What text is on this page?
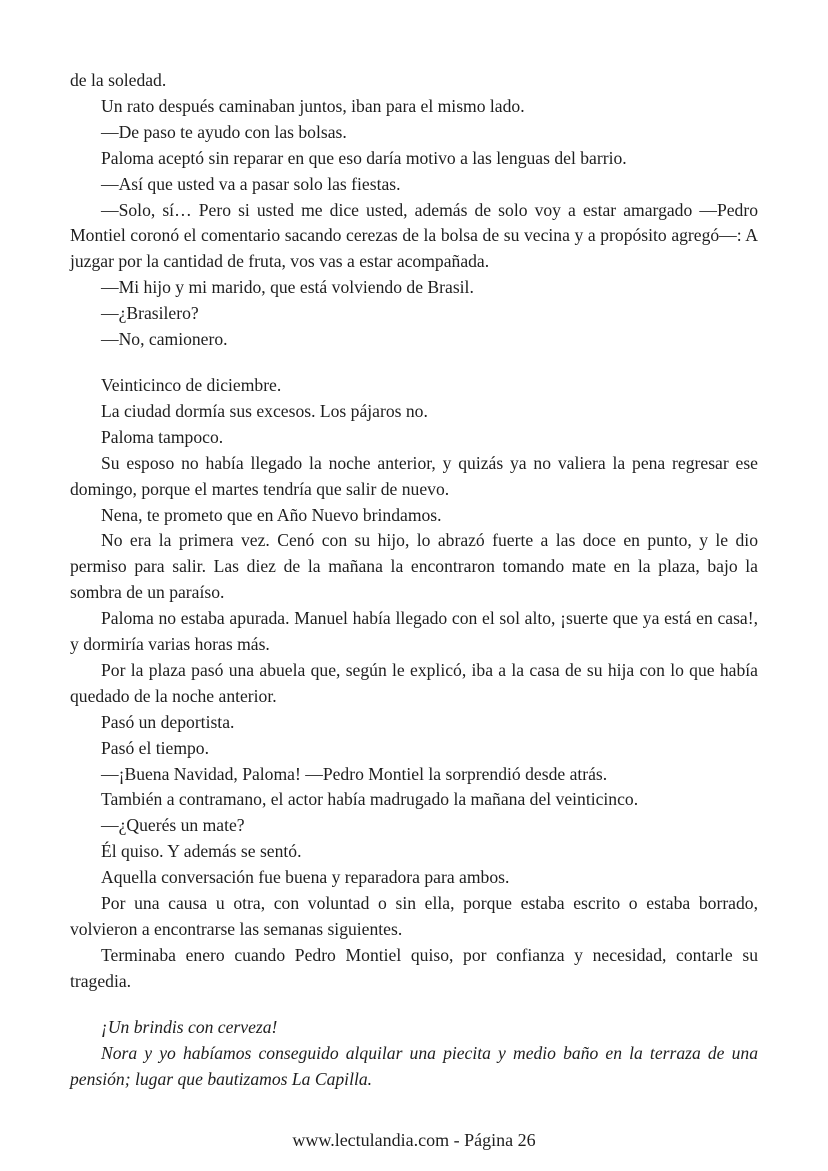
de la soledad.

Un rato después caminaban juntos, iban para el mismo lado.

—De paso te ayudo con las bolsas.

Paloma aceptó sin reparar en que eso daría motivo a las lenguas del barrio.

—Así que usted va a pasar solo las fiestas.

—Solo, sí… Pero si usted me dice usted, además de solo voy a estar amargado —Pedro Montiel coronó el comentario sacando cerezas de la bolsa de su vecina y a propósito agregó—: A juzgar por la cantidad de fruta, vos vas a estar acompañada.

—Mi hijo y mi marido, que está volviendo de Brasil.

—¿Brasilero?

—No, camionero.

Veinticinco de diciembre.

La ciudad dormía sus excesos. Los pájaros no.

Paloma tampoco.

Su esposo no había llegado la noche anterior, y quizás ya no valiera la pena regresar ese domingo, porque el martes tendría que salir de nuevo.

Nena, te prometo que en Año Nuevo brindamos.

No era la primera vez. Cenó con su hijo, lo abrazó fuerte a las doce en punto, y le dio permiso para salir. Las diez de la mañana la encontraron tomando mate en la plaza, bajo la sombra de un paraíso.

Paloma no estaba apurada. Manuel había llegado con el sol alto, ¡suerte que ya está en casa!, y dormiría varias horas más.

Por la plaza pasó una abuela que, según le explicó, iba a la casa de su hija con lo que había quedado de la noche anterior.

Pasó un deportista.

Pasó el tiempo.

—¡Buena Navidad, Paloma! —Pedro Montiel la sorprendió desde atrás.

También a contramano, el actor había madrugado la mañana del veinticinco.

—¿Querés un mate?

Él quiso. Y además se sentó.

Aquella conversación fue buena y reparadora para ambos.

Por una causa u otra, con voluntad o sin ella, porque estaba escrito o estaba borrado, volvieron a encontrarse las semanas siguientes.

Terminaba enero cuando Pedro Montiel quiso, por confianza y necesidad, contarle su tragedia.

¡Un brindis con cerveza!

Nora y yo habíamos conseguido alquilar una piecita y medio baño en la terraza de una pensión; lugar que bautizamos La Capilla.

www.lectulandia.com - Página 26
